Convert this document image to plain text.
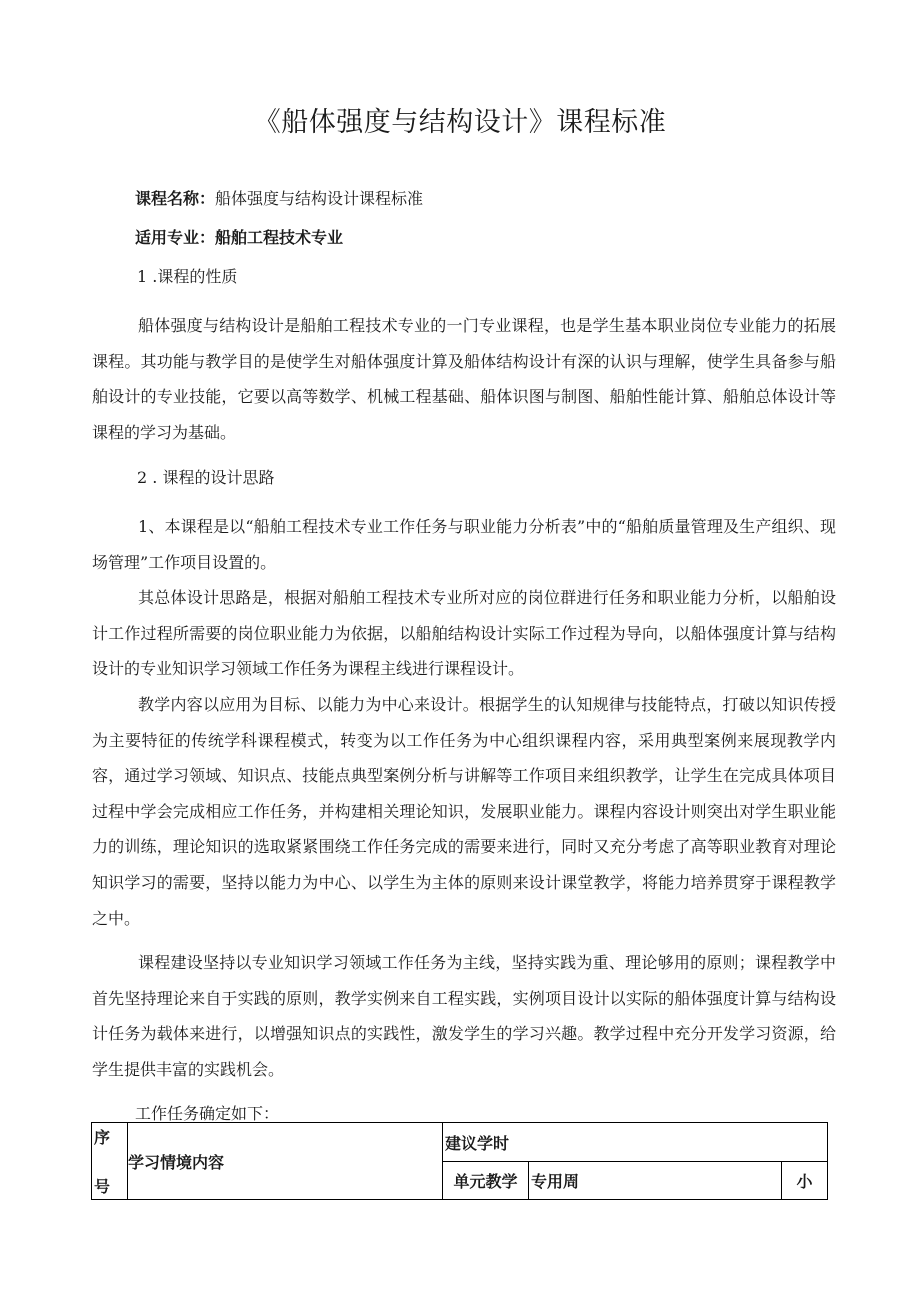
《船体强度与结构设计》课程标准
课程名称：船体强度与结构设计课程标准
适用专业：船舶工程技术专业
1 .课程的性质
船体强度与结构设计是船舶工程技术专业的一门专业课程，也是学生基本职业岗位专业能力的拓展课程。其功能与教学目的是使学生对船体强度计算及船体结构设计有深的认识与理解，使学生具备参与船舶设计的专业技能，它要以高等数学、机械工程基础、船体识图与制图、船舶性能计算、船舶总体设计等课程的学习为基础。
2 . 课程的设计思路
1、本课程是以“船舶工程技术专业工作任务与职业能力分析表”中的“船舶质量管理及生产组织、现场管理”工作项目设置的。
其总体设计思路是，根据对船舶工程技术专业所对应的岗位群进行任务和职业能力分析，以船舶设计工作过程所需要的岗位职业能力为依据，以船舶结构设计实际工作过程为导向，以船体强度计算与结构设计的专业知识学习领域工作任务为课程主线进行课程设计。
教学内容以应用为目标、以能力为中心来设计。根据学生的认知规律与技能特点，打破以知识传授为主要特征的传统学科课程模式，转变为以工作任务为中心组织课程内容，采用典型案例来展现教学内容，通过学习领域、知识点、技能点典型案例分析与讲解等工作项目来组织教学，让学生在完成具体项目过程中学会完成相应工作任务，并构建相关理论知识，发展职业能力。课程内容设计则突出对学生职业能力的训练，理论知识的选取紧紧围绕工作任务完成的需要来进行，同时又充分考虑了高等职业教育对理论知识学习的需要，坚持以能力为中心、以学生为主体的原则来设计课堂教学，将能力培养贯穿于课程教学之中。
课程建设坚持以专业知识学习领域工作任务为主线，坚持实践为重、理论够用的原则；课程教学中首先坚持理论来自于实践的原则，教学实例来自工程实践，实例项目设计以实际的船体强度计算与结构设计任务为载体来进行，以增强知识点的实践性，激发学生的学习兴趣。教学过程中充分开发学习资源，给学生提供丰富的实践机会。
工作任务确定如下：
序
号	学习情境内容	建议学时		
		单元教学	专用周	小
